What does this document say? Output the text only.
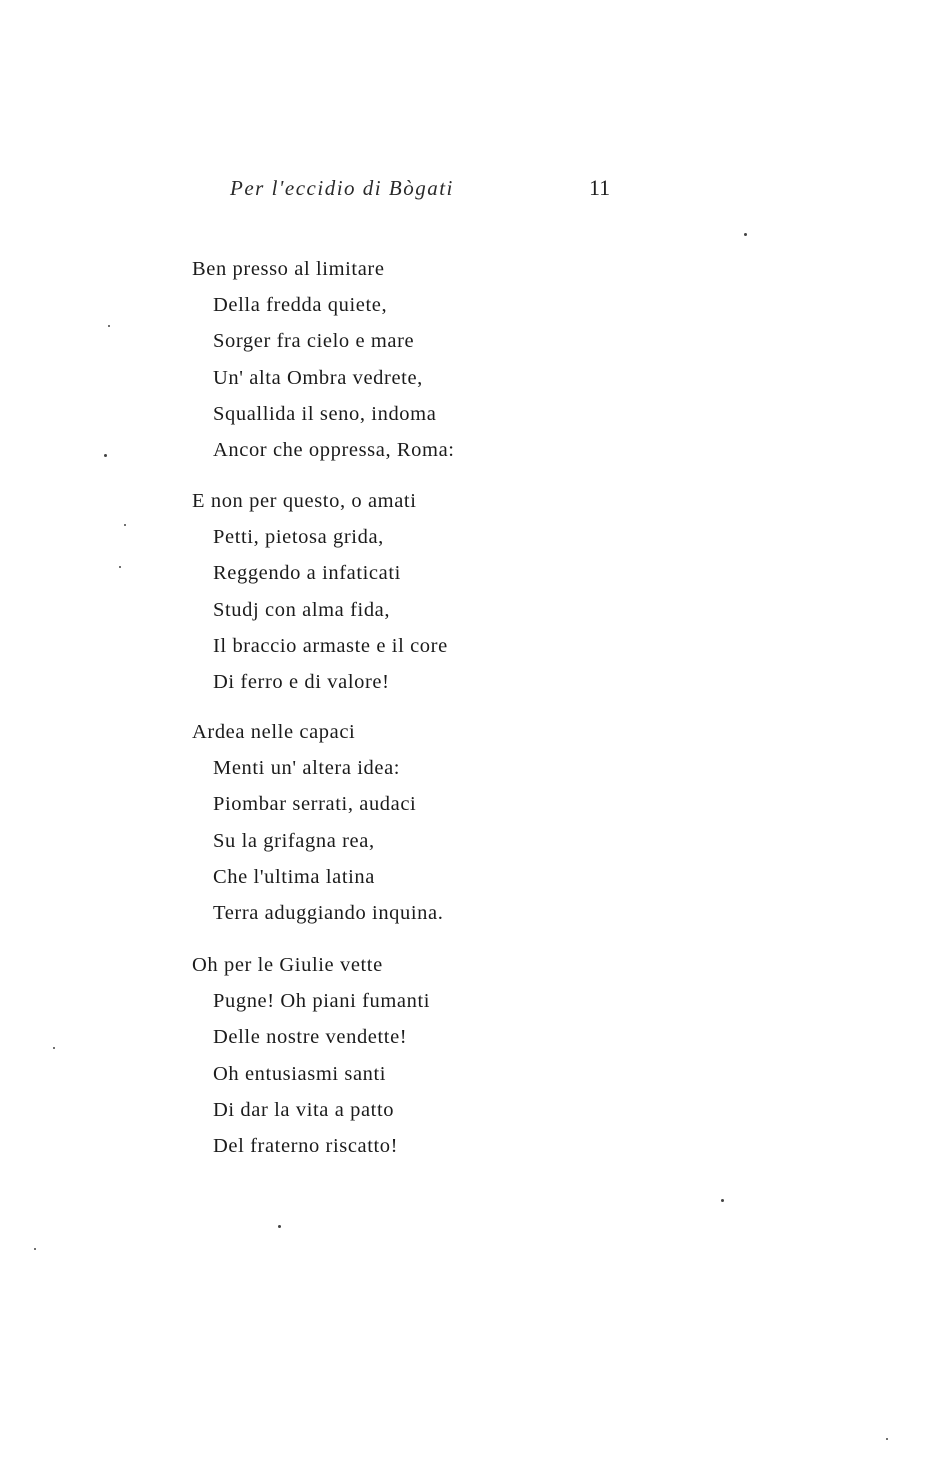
Per l'eccidio di Bògati	11
Ben presso al limitare
Della fredda quiete,
Sorger fra cielo e mare
Un' alta Ombra vedrete,
Squallida il seno, indoma
Ancor che oppressa, Roma:
E non per questo, o amati
Petti, pietosa grida,
Reggendo a infaticati
Studj con alma fida,
Il braccio armaste e il core
Di ferro e di valore!
Ardea nelle capaci
Menti un' altera idea:
Piombar serrati, audaci
Su la grifagna rea,
Che l'ultima latina
Terra aduggiando inquina.
Oh per le Giulie vette
Pugne! Oh piani fumanti
Delle nostre vendette!
Oh entusiasmi santi
Di dar la vita a patto
Del fraterno riscatto!
